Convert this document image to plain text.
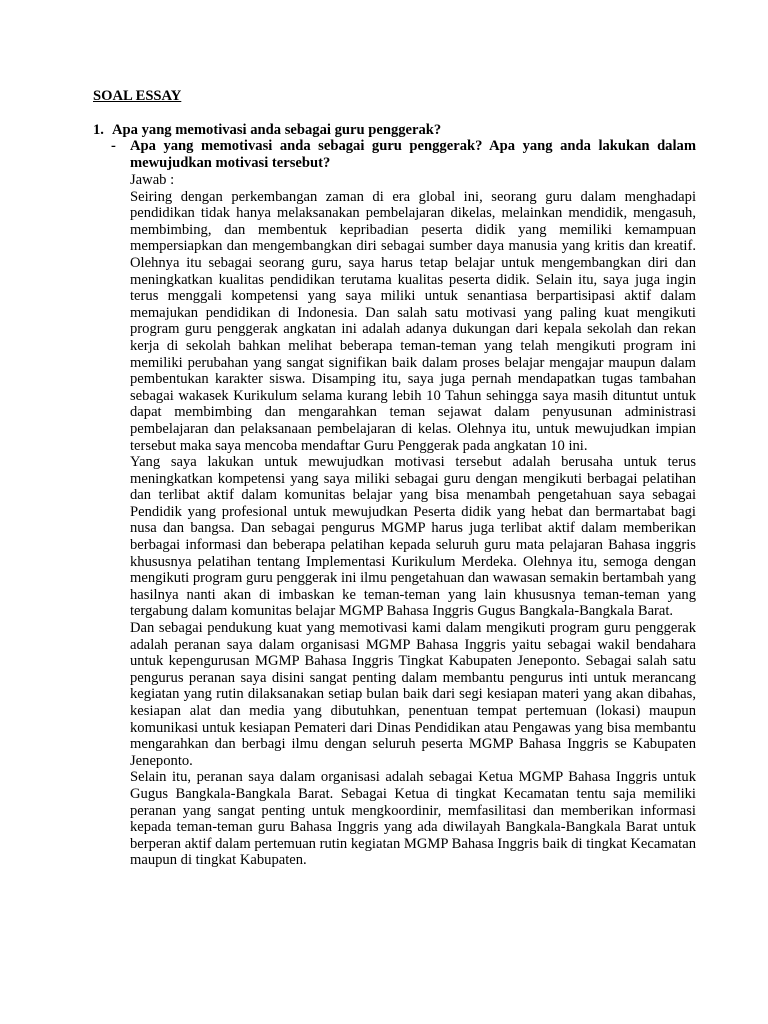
SOAL ESSAY
1. Apa yang memotivasi anda sebagai guru penggerak?
- Apa yang memotivasi anda sebagai guru penggerak? Apa yang anda lakukan dalam mewujudkan motivasi tersebut?
Jawab :

Seiring dengan perkembangan zaman di era global ini, seorang guru dalam menghadapi pendidikan tidak hanya melaksanakan pembelajaran dikelas, melainkan mendidik, mengasuh, membimbing, dan membentuk kepribadian peserta didik yang memiliki kemampuan mempersiapkan dan mengembangkan diri sebagai sumber daya manusia yang kritis dan kreatif. Olehnya itu sebagai seorang guru, saya harus tetap belajar untuk mengembangkan diri dan meningkatkan kualitas pendidikan terutama kualitas peserta didik. Selain itu, saya juga ingin terus menggali kompetensi yang saya miliki untuk senantiasa berpartisipasi aktif dalam memajukan pendidikan di Indonesia. Dan salah satu motivasi yang paling kuat mengikuti program guru penggerak angkatan ini adalah adanya dukungan dari kepala sekolah dan rekan kerja di sekolah bahkan melihat beberapa teman-teman yang telah mengikuti program ini memiliki perubahan yang sangat signifikan baik dalam proses belajar mengajar maupun dalam pembentukan karakter siswa. Disamping itu, saya juga pernah mendapatkan tugas tambahan sebagai wakasek Kurikulum selama kurang lebih 10 Tahun sehingga saya masih dituntut untuk dapat membimbing dan mengarahkan teman sejawat dalam penyusunan administrasi pembelajaran dan pelaksanaan pembelajaran di kelas. Olehnya itu, untuk mewujudkan impian tersebut maka saya mencoba mendaftar Guru Penggerak pada angkatan 10 ini.

Yang saya lakukan untuk mewujudkan motivasi tersebut adalah berusaha untuk terus meningkatkan kompetensi yang saya miliki sebagai guru dengan mengikuti berbagai pelatihan dan terlibat aktif dalam komunitas belajar yang bisa menambah pengetahuan saya sebagai Pendidik yang profesional untuk mewujudkan Peserta didik yang hebat dan bermartabat bagi nusa dan bangsa. Dan sebagai pengurus MGMP harus juga terlibat aktif dalam memberikan berbagai informasi dan beberapa pelatihan kepada seluruh guru mata pelajaran Bahasa inggris khususnya pelatihan tentang Implementasi Kurikulum Merdeka. Olehnya itu, semoga dengan mengikuti program guru penggerak ini ilmu pengetahuan dan wawasan semakin bertambah yang hasilnya nanti akan di imbaskan ke teman-teman yang lain khususnya teman-teman yang tergabung dalam komunitas belajar MGMP Bahasa Inggris Gugus Bangkala-Bangkala Barat.

Dan sebagai pendukung kuat yang memotivasi kami dalam mengikuti program guru penggerak adalah peranan saya dalam organisasi MGMP Bahasa Inggris yaitu sebagai wakil bendahara untuk kepengurusan MGMP Bahasa Inggris Tingkat Kabupaten Jeneponto. Sebagai salah satu pengurus peranan saya disini sangat penting dalam membantu pengurus inti untuk merancang kegiatan yang rutin dilaksanakan setiap bulan baik dari segi kesiapan materi yang akan dibahas, kesiapan alat dan media yang dibutuhkan, penentuan tempat pertemuan (lokasi) maupun komunikasi untuk kesiapan Pemateri dari Dinas Pendidikan atau Pengawas yang bisa membantu mengarahkan dan berbagi ilmu dengan seluruh peserta MGMP Bahasa Inggris se Kabupaten Jeneponto.

Selain itu, peranan saya dalam organisasi adalah sebagai Ketua MGMP Bahasa Inggris untuk Gugus Bangkala-Bangkala Barat. Sebagai Ketua di tingkat Kecamatan tentu saja memiliki peranan yang sangat penting untuk mengkoordinir, memfasilitasi dan memberikan informasi kepada teman-teman guru Bahasa Inggris yang ada diwilayah Bangkala-Bangkala Barat untuk berperan aktif dalam pertemuan rutin kegiatan MGMP Bahasa Inggris baik di tingkat Kecamatan maupun di tingkat Kabupaten.
